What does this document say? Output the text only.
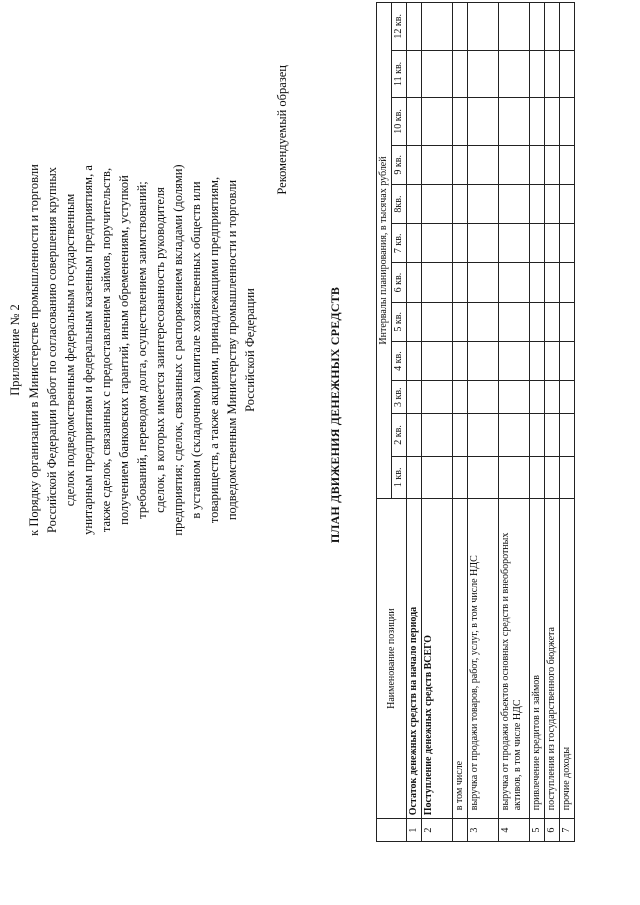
Приложение № 2 к Порядку организации в Министерстве промышленности и торговли Российской Федерации работ по согласованию совершения крупных сделок подведомственным федеральным государственным унитарным предприятиям и федеральным казенным предприятиям, а также сделок, связанных с предоставлением займов, поручительств, получением банковских гарантий, иным обременениям, уступкой требований, переводом долга, осуществлением заимствований; сделок, в которых имеется заинтересованность руководителя предприятия; сделок, связанных с распоряжением вкладами (долями) в уставном (складочном) капитале хозяйственных обществ или товариществ, а также акциями, принадлежащими предприятиям, подведомственным Министерству промышленности и торговли Российской Федерации
Рекомендуемый образец
ПЛАН ДВИЖЕНИЯ ДЕНЕЖНЫХ СРЕДСТВ
	Наименование позиции	Интервалы планирования, в тысячах рублей											
		1 кв.	2 кв.	3 кв.	4 кв.	5 кв.	6 кв.	7 кв.	8кв.	9 кв.	10 кв.	11 кв.	12 кв.
1	Остаток денежных средств на начало периода												
2	Поступление денежных средств ВСЕГО												
	в том числе												
3	выручка от продажи товаров, работ, услуг, в том числе НДС												
4	выручка от продажи объектов основных средств и внеоборотных активов, в том числе НДС												
5	привлечение кредитов и займов												
6	поступления из государственного бюджета												
7	прочие доходы												
